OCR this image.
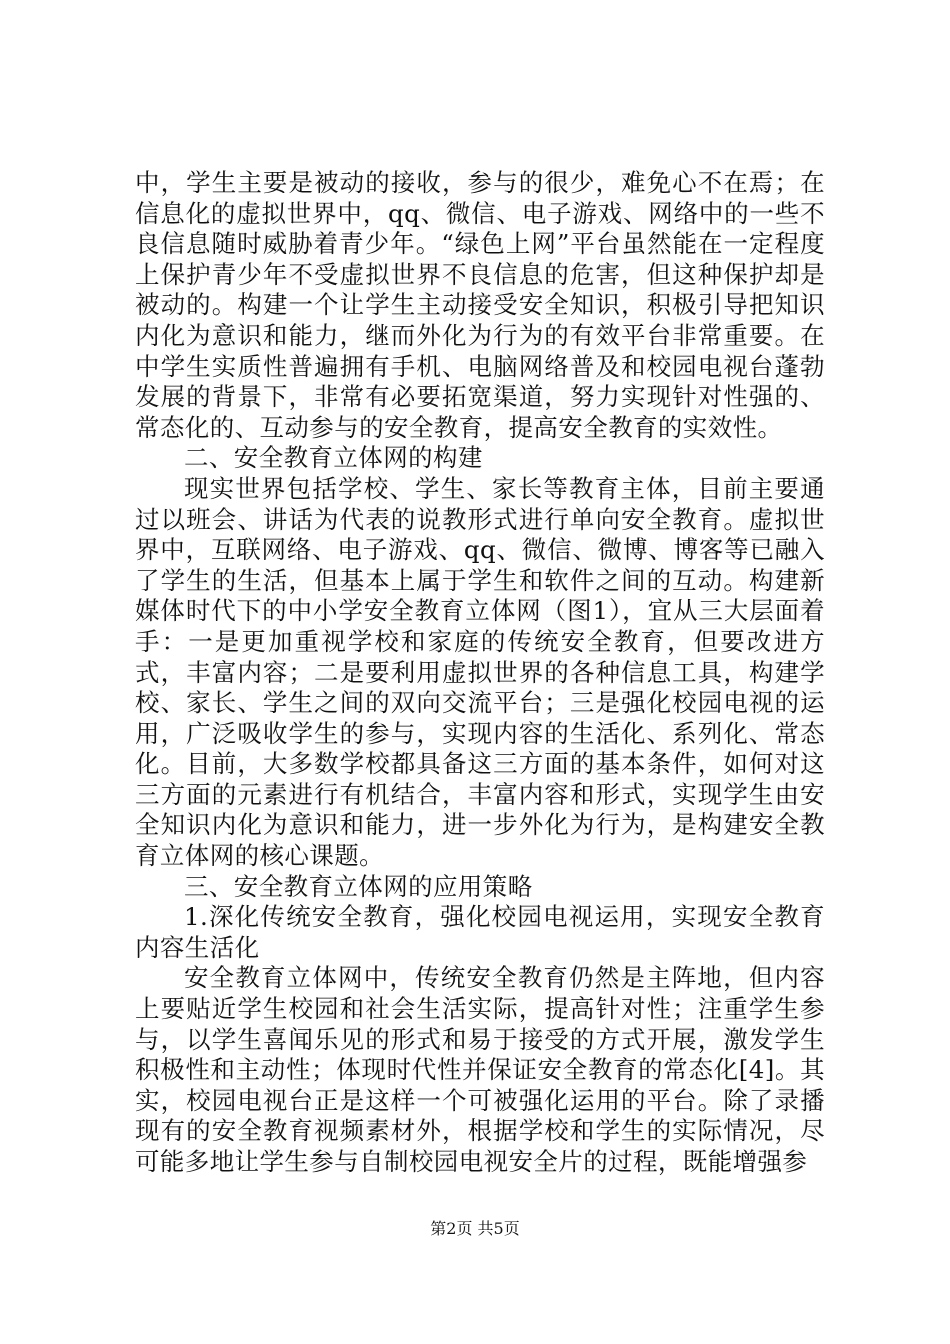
中，学生主要是被动的接收，参与的很少，难免心不在焉；在信息化的虚拟世界中，qq、微信、电子游戏、网络中的一些不良信息随时威胁着青少年。“绿色上网”平台虽然能在一定程度上保护青少年不受虚拟世界不良信息的危害，但这种保护却是被动的。构建一个让学生主动接受安全知识，积极引导把知识内化为意识和能力，继而外化为行为的有效平台非常重要。在中学生实质性普遍拥有手机、电脑网络普及和校园电视台蓬勃发展的背景下，非常有必要拓宽渠道，努力实现针对性强的、常态化的、互动参与的安全教育，提高安全教育的实效性。

二、安全教育立体网的构建

现实世界包括学校、学生、家长等教育主体，目前主要通过以班会、讲话为代表的说教形式进行单向安全教育。虚拟世界中，互联网络、电子游戏、qq、微信、微博、博客等已融入了学生的生活，但基本上属于学生和软件之间的互动。构建新媒体时代下的中小学安全教育立体网（图1），宜从三大层面着手：一是更加重视学校和家庭的传统安全教育，但要改进方式，丰富内容；二是要利用虚拟世界的各种信息工具，构建学校、家长、学生之间的双向交流平台；三是强化校园电视的运用，广泛吸收学生的参与，实现内容的生活化、系列化、常态化。目前，大多数学校都具备这三方面的基本条件，如何对这三方面的元素进行有机结合，丰富内容和形式，实现学生由安全知识内化为意识和能力，进一步外化为行为，是构建安全教育立体网的核心课题。

三、安全教育立体网的应用策略

1.深化传统安全教育，强化校园电视运用，实现安全教育内容生活化

安全教育立体网中，传统安全教育仍然是主阵地，但内容上要贴近学生校园和社会生活实际，提高针对性；注重学生参与，以学生喜闻乐见的形式和易于接受的方式开展，激发学生积极性和主动性；体现时代性并保证安全教育的常态化[4]。其实，校园电视台正是这样一个可被强化运用的平台。除了录播现有的安全教育视频素材外，根据学校和学生的实际情况，尽可能多地让学生参与自制校园电视安全片的过程，既能增强参

第2页 共5页
